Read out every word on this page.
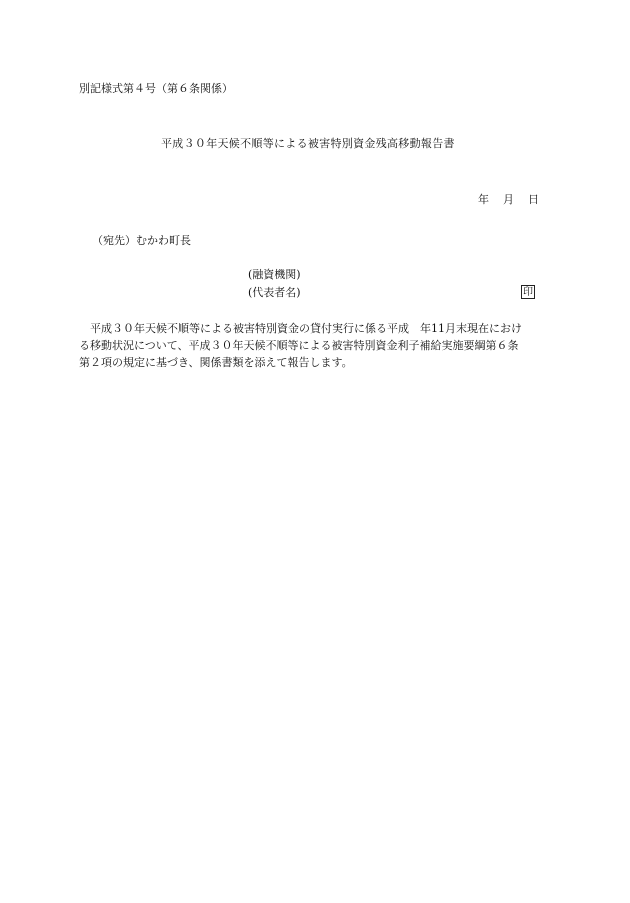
別記様式第４号（第６条関係）
平成３０年天候不順等による被害特別資金残高移動報告書
年 月 日
（宛先）むかわ町長
(融資機関)
(代表者名)	印
平成３０年天候不順等による被害特別資金の貸付実行に係る平成　年11月末現在におけ
る移動状況について、平成３０年天候不順等による被害特別資金利子補給実施要綱第６条
第２項の規定に基づき、関係書類を添えて報告します。
